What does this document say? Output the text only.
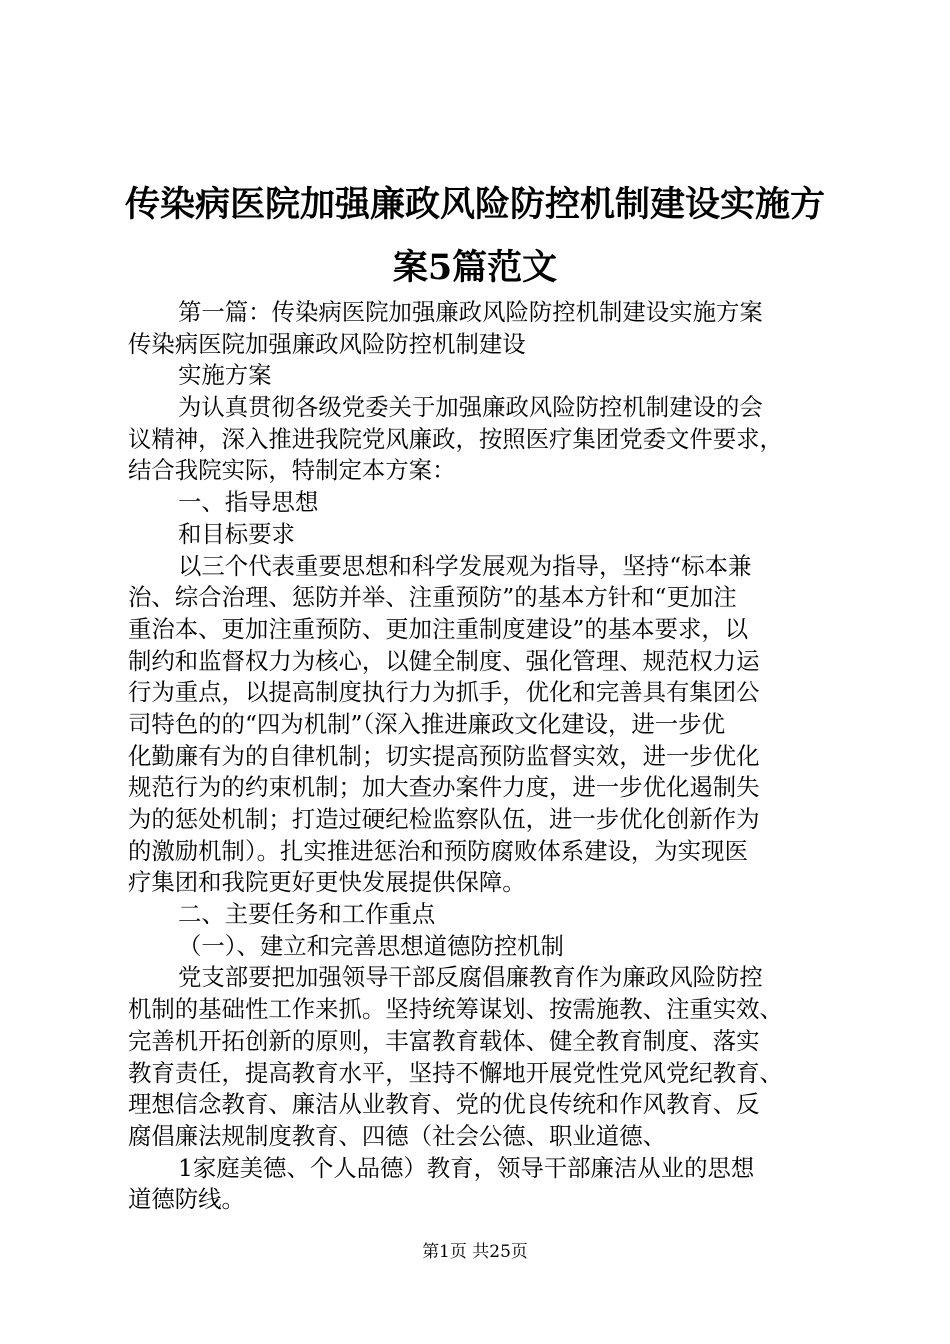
传染病医院加强廉政风险防控机制建设实施方
案5篇范文
第一篇：传染病医院加强廉政风险防控机制建设实施方案
传染病医院加强廉政风险防控机制建设
实施方案
为认真贯彻各级党委关于加强廉政风险防控机制建设的会
议精神，深入推进我院党风廉政，按照医疗集团党委文件要求，
结合我院实际，特制定本方案：
一、指导思想
和目标要求
以三个代表重要思想和科学发展观为指导，坚持“标本兼
治、综合治理、惩防并举、注重预防”的基本方针和“更加注
重治本、更加注重预防、更加注重制度建设”的基本要求，以
制约和监督权力为核心，以健全制度、强化管理、规范权力运
行为重点，以提高制度执行力为抓手，优化和完善具有集团公
司特色的的“四为机制”（深入推进廉政文化建设，进一步优
化勤廉有为的自律机制；切实提高预防监督实效，进一步优化
规范行为的约束机制；加大查办案件力度，进一步优化遏制失
为的惩处机制；打造过硬纪检监察队伍，进一步优化创新作为
的激励机制）。扎实推进惩治和预防腐败体系建设，为实现医
疗集团和我院更好更快发展提供保障。
二、主要任务和工作重点
（一）、建立和完善思想道德防控机制
党支部要把加强领导干部反腐倡廉教育作为廉政风险防控
机制的基础性工作来抓。坚持统筹谋划、按需施教、注重实效、
完善机开拓创新的原则，丰富教育载体、健全教育制度、落实
教育责任，提高教育水平，坚持不懈地开展党性党风党纪教育、
理想信念教育、廉洁从业教育、党的优良传统和作风教育、反
腐倡廉法规制度教育、四德（社会公德、职业道德、
1家庭美德、个人品德）教育，领导干部廉洁从业的思想
道德防线。
第1页 共25页
